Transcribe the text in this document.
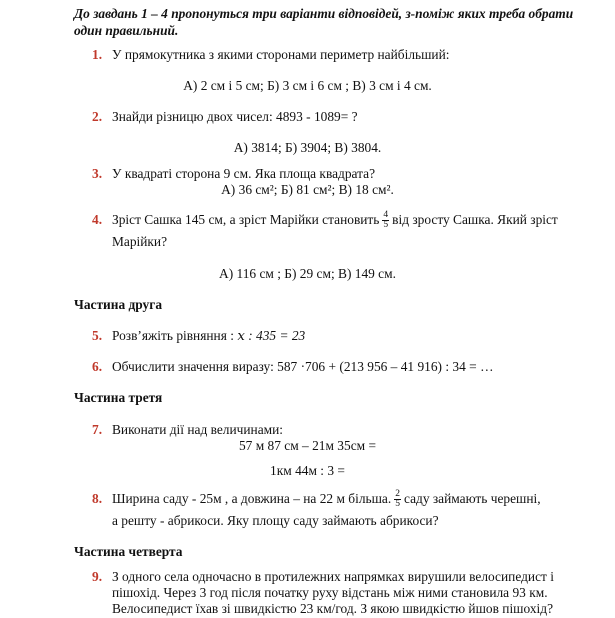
До завдань 1 – 4 пропонуться три варіанти відповідей, з-поміж яких треба обрати один правильний.
1. У прямокутника з якими сторонами периметр найбільший:
А) 2 см і 5 см; Б) 3 см і 6 см ; В) 3 см і 4 см.
2. Знайди різницю двох чисел: 4893 - 1089= ?
А) 3814; Б) 3904; В) 3804.
3. У квадраті сторона 9 см. Яка площа квадрата?
А) 36 см²; Б) 81 см²; В) 18 см².
4. Зріст Сашка 145 см, а зріст Марійки становить $\frac{4}{5}$ від зросту Сашка. Який зріст
Марійки?
А) 116 см ; Б) 29 см; В) 149 см.
Частина друга
5. Розв’яжіть рівняння : 𝑥 : 435 = 23
6. Обчислити значення виразу: 587 ·706 + (213 956 – 41 916) : 34 = …
Частина третя
7. Виконати дії над величинами:
57 м 87 см – 21м 35см =
1км 44м : 3 =
8. Ширина саду - 25м , а довжина – на 22 м більша. $\frac{2}{5}$ саду займають черешні,
а решту - абрикоси. Яку площу саду займають абрикоси?
Частина четверта
9. З одного села одночасно в протилежних напрямках вирушили велосипедист і
пішохід. Через 3 год після початку руху відстань між ними становила 93 км.
Велосипедист їхав зі швидкістю 23 км/год. З якою швидкістю йшов пішохід?
